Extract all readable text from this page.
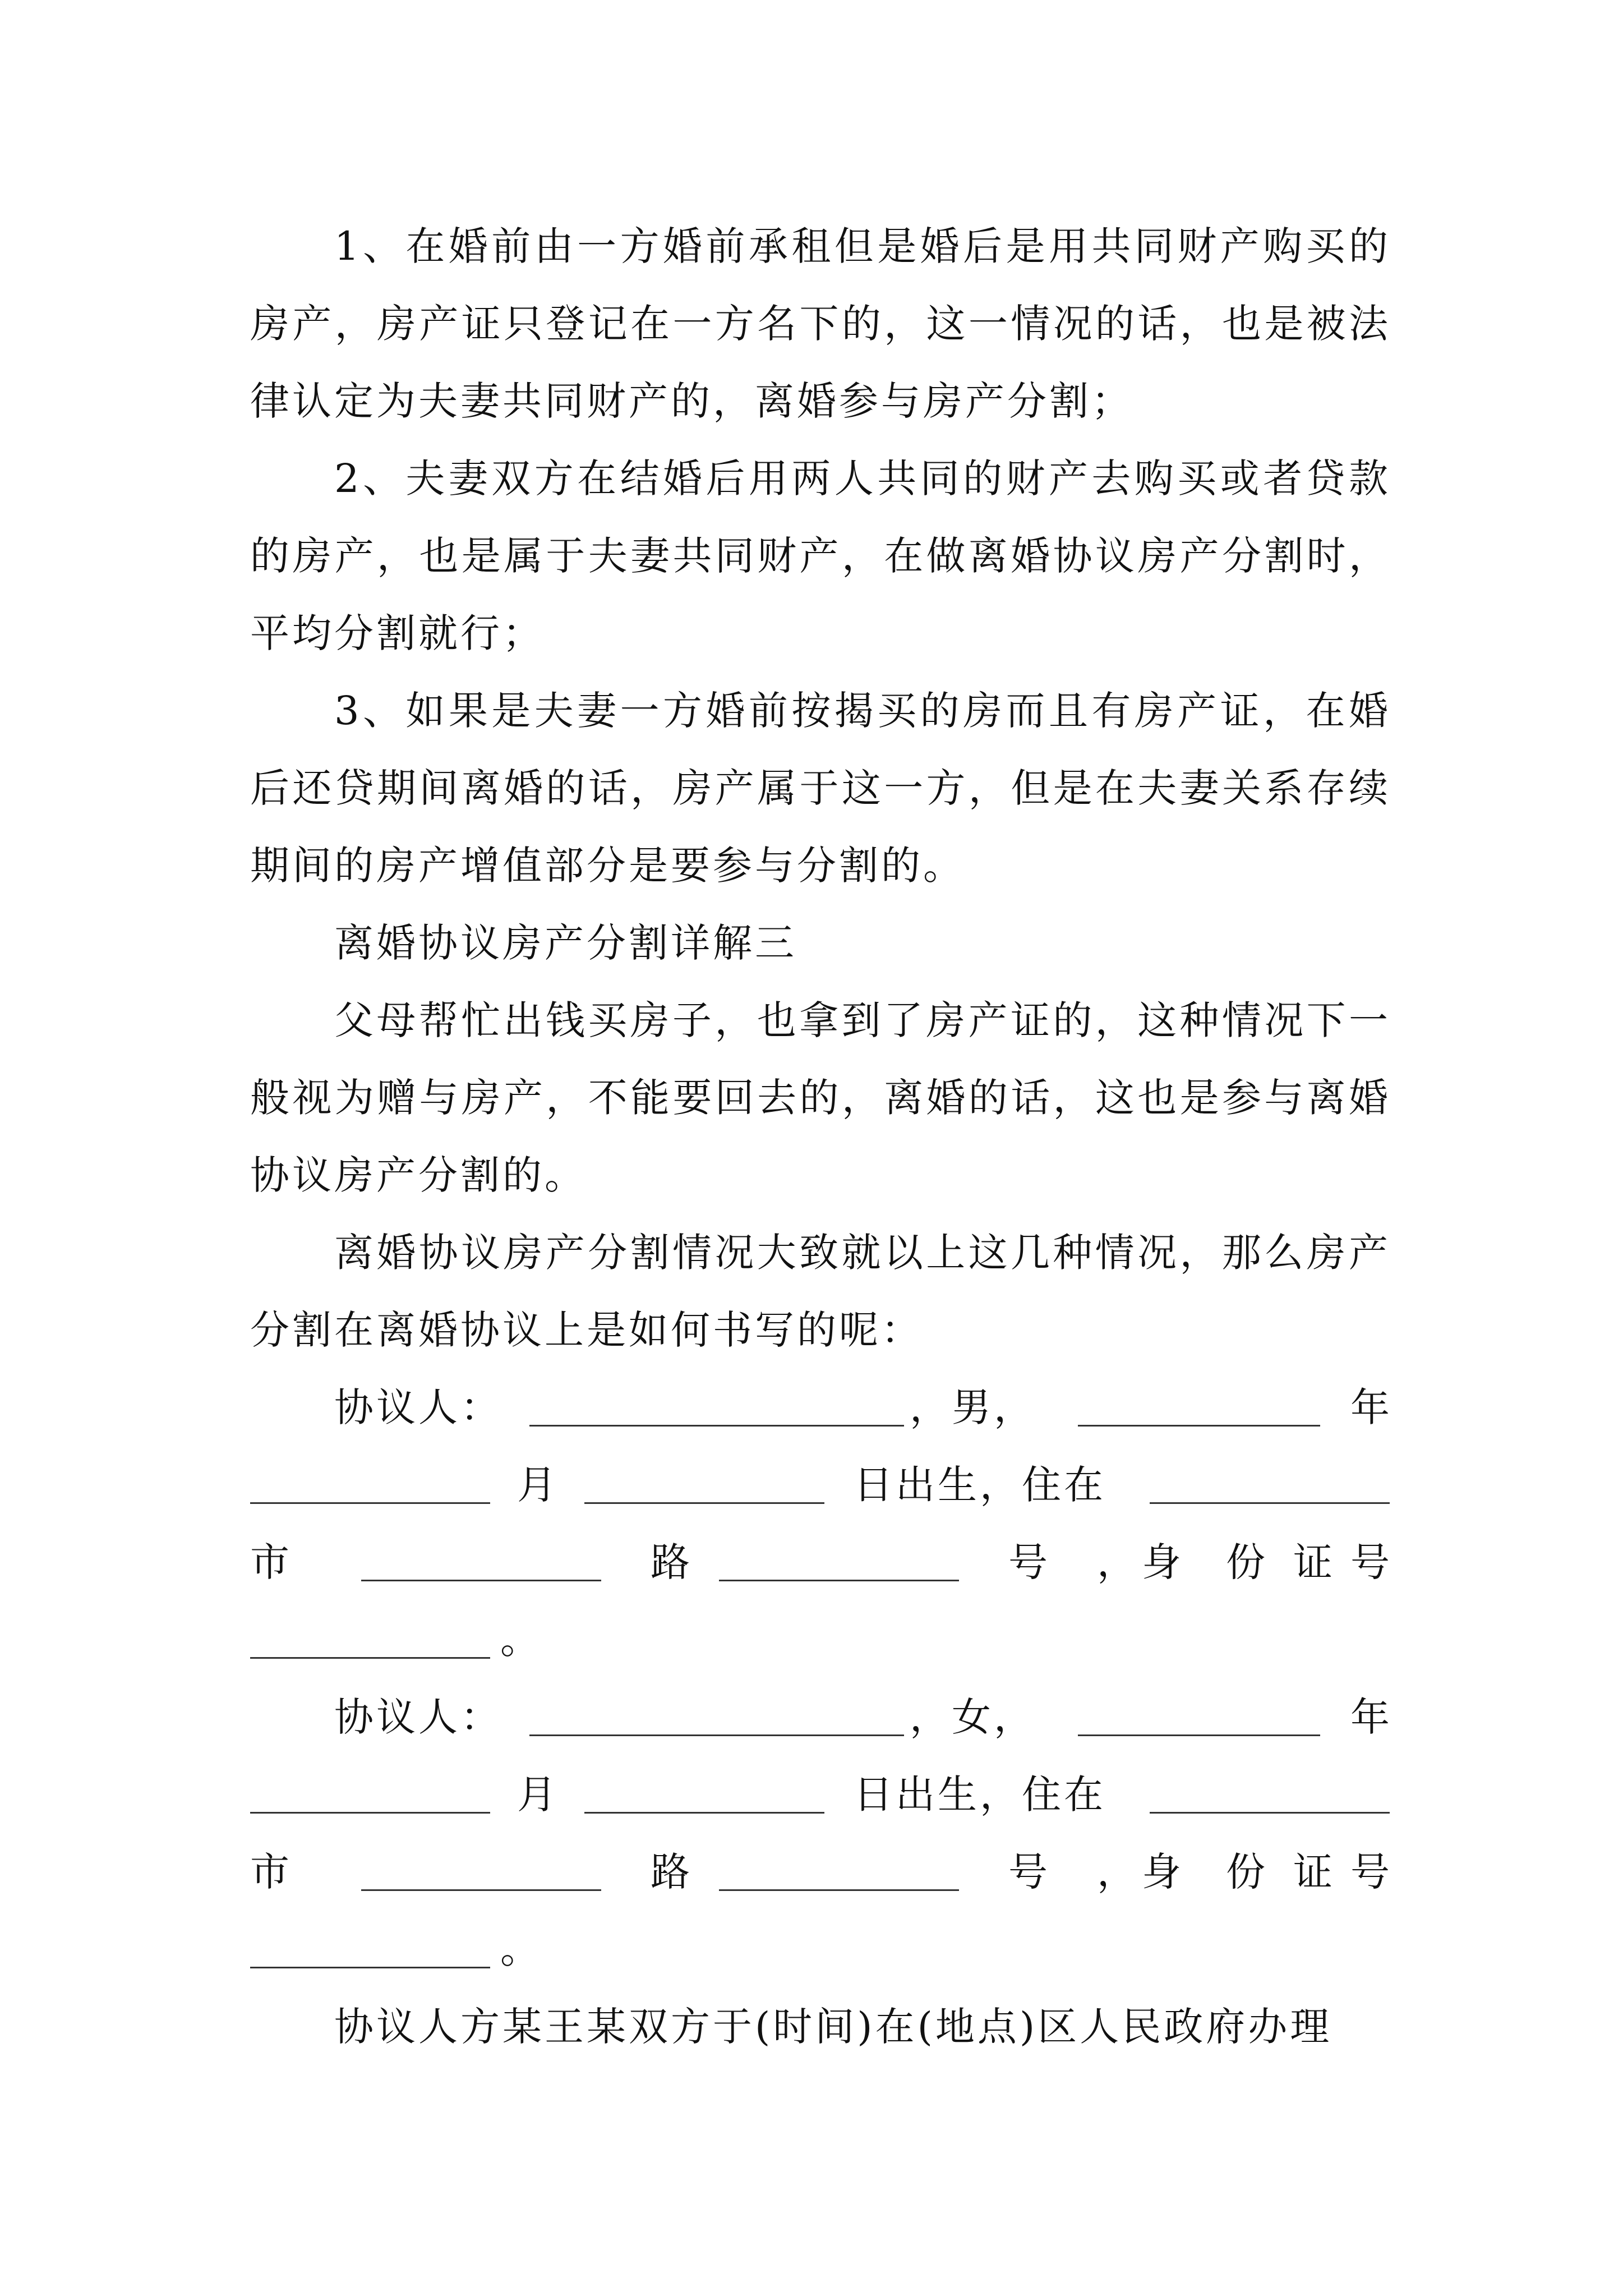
1、在婚前由一方婚前承租但是婚后是用共同财产购买的房产，房产证只登记在一方名下的，这一情况的话，也是被法律认定为夫妻共同财产的，离婚参与房产分割；

2、夫妻双方在结婚后用两人共同的财产去购买或者贷款的房产，也是属于夫妻共同财产，在做离婚协议房产分割时，平均分割就行；

3、如果是夫妻一方婚前按揭买的房而且有房产证，在婚后还贷期间离婚的话，房产属于这一方，但是在夫妻关系存续期间的房产增值部分是要参与分割的。

离婚协议房产分割详解三

父母帮忙出钱买房子，也拿到了房产证的，这种情况下一般视为赠与房产，不能要回去的，离婚的话，这也是参与离婚协议房产分割的。

离婚协议房产分割情况大致就以上这几种情况，那么房产分割在离婚协议上是如何书写的呢：

协议人：	，男，	年
月	日出生，住在
市	路	号 ， 身 份 证 号
。
协议人：	，女，	年
月	日出生，住在
市	路	号 ， 身 份 证 号
。

协议人方某王某双方于(时间)在(地点)区人民政府办理
